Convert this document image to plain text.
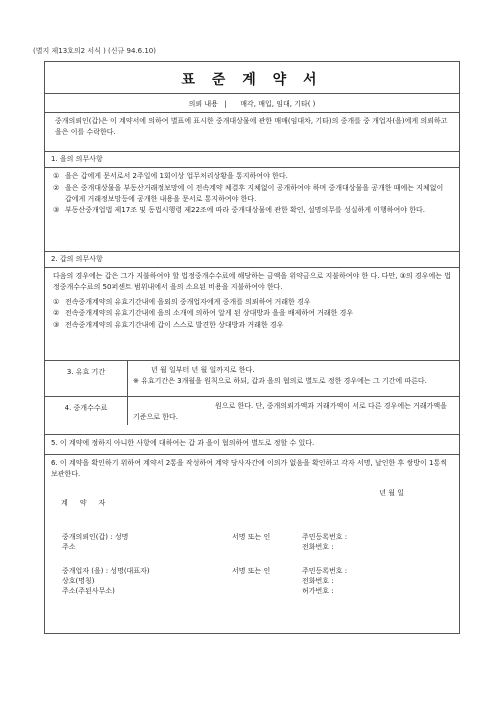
(별지 제13호의2 서식 ) (신규 94.6.10)
표 준 계 약 서
의뢰 내용 | 매각, 매입, 임대, 기타( )
중개의뢰인(갑)은 이 계약서에 의하여 별표에 표시한 중개대상물에 관한 매매(임대차, 기타)의 중개를 중 개업자(을)에게 의뢰하고 을은 이를 수락한다.
1. 을의 의무사항
① 을은 갑에게 문서로서 2주일에 1회이상 업무처리상황을 통지하여야 한다.
② 을은 중개대상물을 부동산거래정보망에 이 전속계약 체결후 지체없이 공개하여야 하며 중개대상물을 공개한 때에는 지체없이 갑에게 거래정보망등에 공개한 내용을 문서로 통지하여야 한다.
③ 부동산중개업법 제17조 및 동법시행령 제22조에 따라 중개대상물에 관한 확인, 설명의무를 성실하게 이행하여야 한다.
2. 갑의 의무사항
다음의 경우에는 갑은 그가 지불하여야 할 법정중개수수료에 해당하는 금액을 위약금으로 지불하여야 한 다. 다만, ③의 경우에는 법정중개수수료의 50퍼센트 범위내에서 을의 소요된 비용을 지불하여야 한다.
① 전속중개계약의 유효기간내에 을외의 중개업자에게 중개를 의뢰하여 거래한 경우
② 전속중개계약의 유효기간내에 을의 소개에 의하여 알게 된 상대방과 을을 배제하여 거래한 경우
③ 전속중개계약의 유효기간내에 갑이 스스로 발견한 상대방과 거래한 경우
3. 유효 기간	년 월 일부터 년 월 일까지로 한다.
※ 유효기간은 3개월을 원칙으로 하되, 갑과 을의 협의로 별도로 정한 경우에는 그 기간에 따른다.
4. 중개수수료	원으로 한다. 단, 중개의뢰가액과 거래가액이 서로 다른 경우에는 거래가액을 기준으로 한다.
5. 이 계약에 정하지 아니한 사항에 대하여는 갑 과 을이 협의하여 별도로 정할 수 있다.
6. 이 계약을 확인하기 위하여 계약서 2통을 작성하여 계약 당사자간에 이의가 없음을 확인하고 각자 서명, 날인한 후 쌍방이 1통씩 보관한다.
년 월 일
계약자
중개의뢰인(갑) : 성명	서명 또는 인	주민등록번호 :
주소	전화번호 :
중개업자 (을) : 성명(대표자)	서명 또는 인	주민등록번호 :
상호(명칭)	전화번호 :
주소(주된사무소)	허가번호 :
